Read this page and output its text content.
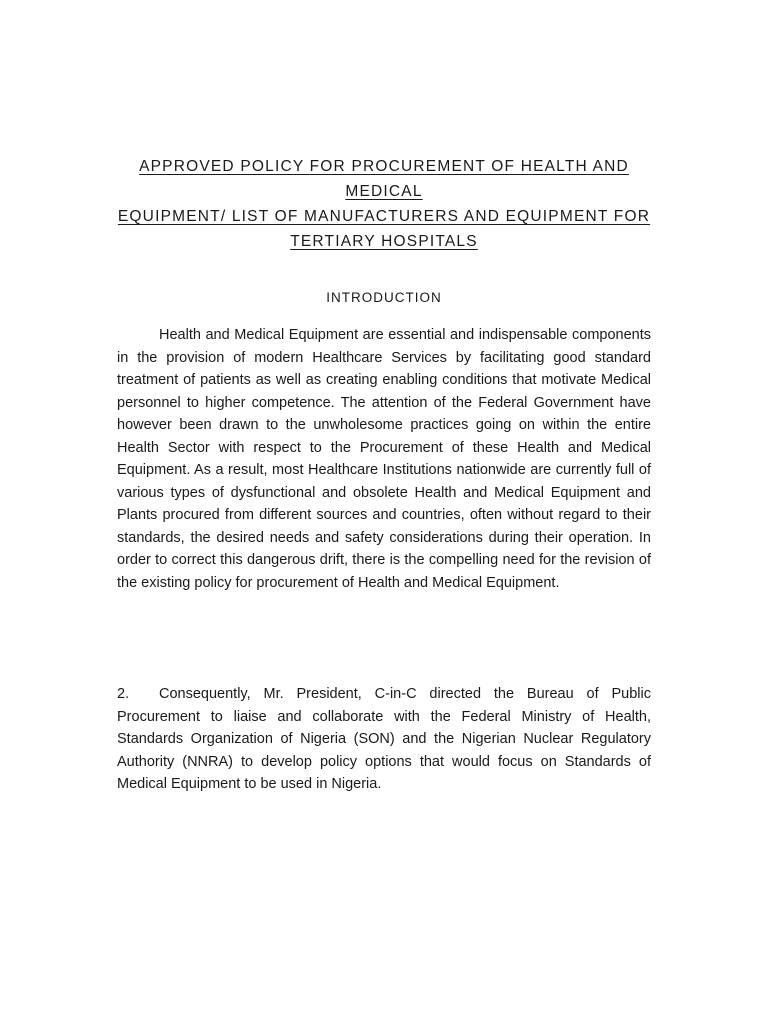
APPROVED POLICY FOR PROCUREMENT OF HEALTH AND MEDICAL
EQUIPMENT/ LIST OF MANUFACTURERS AND EQUIPMENT FOR
TERTIARY HOSPITALS
INTRODUCTION

Health and Medical Equipment are essential and indispensable components in the provision of modern Healthcare Services by facilitating good standard treatment of patients as well as creating enabling conditions that motivate Medical personnel to higher competence. The attention of the Federal Government have however been drawn to the unwholesome practices going on within the entire Health Sector with respect to the Procurement of these Health and Medical Equipment. As a result, most Healthcare Institutions nationwide are currently full of various types of dysfunctional and obsolete Health and Medical Equipment and Plants procured from different sources and countries, often without regard to their standards, the desired needs and safety considerations during their operation. In order to correct this dangerous drift, there is the compelling need for the revision of the existing policy for procurement of Health and Medical Equipment.

2. Consequently, Mr. President, C-in-C directed the Bureau of Public Procurement to liaise and collaborate with the Federal Ministry of Health, Standards Organization of Nigeria (SON) and the Nigerian Nuclear Regulatory Authority (NNRA) to develop policy options that would focus on Standards of Medical Equipment to be used in Nigeria.
